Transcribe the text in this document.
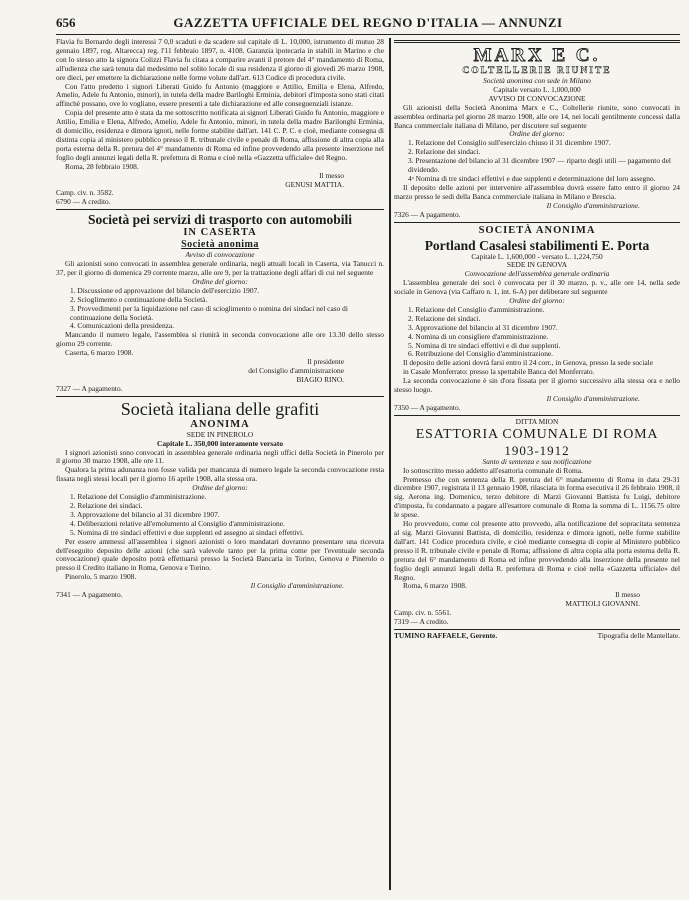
656	GAZZETTA UFFICIALE DEL REGNO D'ITALIA — ANNUNZI

Flavia fu Bernardo degli interessi 7 0,0 scaduti e da scadere sul capitale di L. 10,000, istrumento di mutuo 28 gennaio 1897, rog. Altarecca) reg. l'11 febbraio 1897, n. 4108. Garanzia ipotecaria in stabili in Marino e che con lo stesso atto la signora Colizzi Flavia fu citata a comparire avanti il pretore del 4° mandamento di Roma, all'udienza che sarà tenuta dal medesimo nel solito locale di sua residenza il giorno di giovedì 26 marzo 1908, ore dieci, per emettere la dichiarazione nelle forme volute dall'art. 613 Codice di procedura civile.

Con l'atto predetto i signori Liberati Guido fu Antonio (maggiore e Attilio, Emilia e Elena, Alfredo, Amelio, Adele fu Antonio, minori), in tutela della madre Bariloghi Erminia, debitori d'imposta sono stati citati affinchè possano, ove lo vogliano, essere presenti a tale dichiarazione ed alle conseguenziali istanze.

Copia del presente atto è stata da me sottoscritto notificata ai signori Liberati Guido fu Antonio, maggiore e Attilio, Emilia e Elena, Alfredo, Amelio, Adele fu Antonio, minori, in tutela della madre Barilonghi Erminia, di domicilio, residenza e dimora ignoti, nelle forme stabilite dall'art. 141 C. P. C. e cioè, mediante consegna di distinta copia al ministero pubblico presso il R. tribunale civile e penale di Roma, affissione di altra copia alla porta esterna della R. pretura del 4° mandamento di Roma ed infine provvedendo alla presente inserzione nel foglio degli annunzi legali della R. prefettura di Roma e cioè nella «Gazzetta ufficiale» del Regno.

Roma, 28 febbraio 1908.

Il messo

GENUSI MATTIA.

Camp. civ. n. 3582.

6790 — A credito.

Società pei servizi di trasporto con automobili

IN CASERTA

Società anonima

Avviso di convocazione

Gli azionisti sono convocati in assemblea generale ordinaria, negli attuali locali in Caserta, via Tanucci n. 37, per il giorno di domenica 29 corrente marzo, alle ore 9, per la trattazione degli affari di cui nel seguente

Ordine del giorno:

1. Discussione ed approvazione del bilancio dell'esercizio 1907.

2. Scioglimento o continuazione della Società.

3. Provvedimenti per la liquidazione nel caso di scioglimento o nomina dei sindaci nel caso di continuazione della Società.

4. Comunicazioni della presidenza.

Mancando il numero legale, l'assemblea si riunirà in seconda convocazione alle ore 13.30 dello stesso giorno 29 corrente.

Caserta, 6 marzo 1908.

Il presidente

del Consiglio d'amministrazione

BIAGIO RINO.

7327 — A pagamento.

Società italiana delle grafiti

ANONIMA

SEDE IN PINEROLO

Capitale L. 350,000 interamente versato

I signori azionisti sono convocati in assemblea generale ordinaria negli uffici della Società in Pinerolo per il giorno 30 marzo 1908, alle ore 11.

Qualora la prima adunanza non fosse valida per mancanza di numero legale la seconda convocazione resta fissata negli stessi locali per il giorno 16 aprile 1908, alla stessa ora.

Ordine del giorno:

1. Relazione del Consiglio d'amministrazione.

2. Relazione dei sindaci.

3. Approvazione del bilancio al 31 dicembre 1907.

4. Deliberazioni relative all'emolumento al Consiglio d'amministrazione.

5. Nomina di tre sindaci effettivi e due supplenti ed assegno ai sindaci effettivi.

Per essere ammessi all'assemblea i signori azionisti o loro mandatari dovranno presentare una ricevuta dell'eseguito deposito delle azioni (che sarà valevole tanto per la prima come per l'eventuale seconda convocazione) quale deposito potrà effettuarsi presso la Società Bancaria in Torino, Genova e Pinerolo o presso il Credito italiano in Roma, Genova e Torino.

Pinerolo, 5 marzo 1908.

Il Consiglio d'amministrazione.

7341 — A pagamento.

MARX E C.

COLTELLERIE RIUNITE

Società anonima con sede in Milano

Capitale versato L. 1,000,000

AVVISO DI CONVOCAZIONE

Gli azionisti della Società Anonima Marx e C., Coltellerie riunite, sono convocati in assemblea ordinaria pel giorno 28 marzo 1908, alle ore 14, nei locali gentilmente concessi dalla Banca commerciale italiana di Milano, per discutere sul seguente

Ordine del giorno:

1. Relazione del Consiglio sull'esercizio chiuso il 31 dicembre 1907.

2. Relazione dei sindaci.

3. Presentazione del bilancio al 31 dicembre 1907 — riparto degli utili — pagamento del dividendo.

4ᵒ Nomina di tre sindaci effettivi e due supplenti e determinazione del loro assegno.

Il deposito delle azioni per intervenire all'assemblea dovrà essere fatto entro il giorno 24 marzo presso le sedi della Banca commerciale italiana in Milano e Brescia.

Il Consiglio d'amministrazione.

7326 — A pagamento.

SOCIETÀ ANONIMA

Portland Casalesi stabilimenti E. Porta

Capitale L. 1,600,000 - versato L. 1,224,750

SEDE IN GENOVA

Convocazione dell'assemblea generale ordinaria

L'assemblea generale dei soci è convocata per il 30 marzo, p. v., alle ore 14, nella sede sociale in Genova (via Caffaro n. 1, int. 6-A) per deliberare sul seguente

Ordine del giorno:

1. Relazione del Consiglio d'amministrazione.

2. Relazione dei sindaci.

3. Approvazione del bilancio al 31 dicembre 1907.

4. Nomina di un consigliere d'amministrazione.

5. Nomina di tre sindaci effettivi e di due supplenti.

6. Retribuzione del Consiglio d'amministrazione.

Il deposito delle azioni dovrà farsi entro il 24 corr., in Genova, presso la sede sociale

in Casale Monferrato: presso la spettabile Banca del Monferrato.

La seconda convocazione è sin d'ora fissata per il giorno successivo alla stessa ora e nello stesso luogo.

Il Consiglio d'amministrazione.

7350 — A pagamento.

DITTA MION

ESATTORIA COMUNALE DI ROMA

1903-1912

Sunto di sentenza e sua notificazione

Io sottoscritto messo addetto all'esattoria comunale di Roma.

Premesso che con sentenza della R. pretura del 6° mandamento di Roma in data 29-31 dicembre 1907, registrata il 13 gennaio 1908, rilasciata in forma esecutiva il 26 febbraio 1908, il sig. Aerona ing. Domenico, terzo debitore di Marzi Giovanni Battista fu Luigi, debitore d'imposta, fu condannato a pagare all'esattore comunale di Roma la somma di L. 1156.75 oltre le spese.

Ho provveduto, come col presente atto provvedo, alla notificazione del sopracitata sentenza al sig. Marzi Giovanni Battista, di domicilio, residenza e dimora ignoti, nelle forme stabilite dall'art. 141 Codice procedura civile, e cioè mediante consegna di copie al Ministero pubblico presso il R. tribunale civile e penale di Roma; affissione di altra copia alla porta esterna della R. pretura del 6° mandamento di Roma ed infine provvedendo alla inserzione della presente nel foglio degli annunzi legali della R. prefettura di Roma e cioè nella «Gazzetta ufficiale» del Regno.

Roma, 6 marzo 1908.

Il messo

MATTIOLI GIOVANNI.

Camp. civ. n. 5561.

7319 — A credito.

Tipografia delle Mantellate.
TUMINO RAFFAELE, Gerente.
